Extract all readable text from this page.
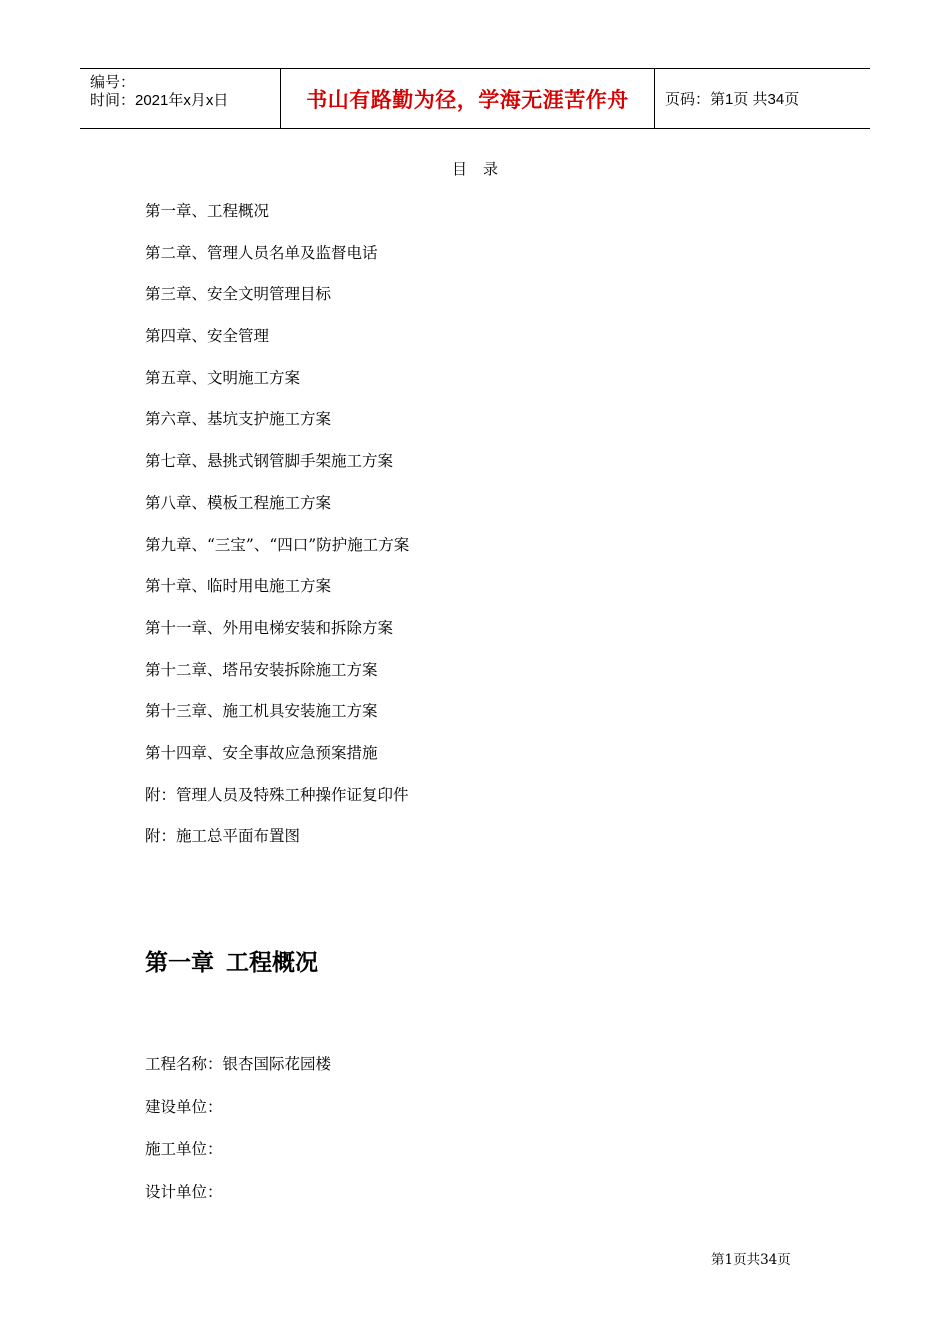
编号：
时间：2021年x月x日	书山有路勤为径，学海无涯苦作舟 页码：第1页 共34页
目录
第一章、工程概况
第二章、管理人员名单及监督电话
第三章、安全文明管理目标
第四章、安全管理
第五章、文明施工方案
第六章、基坑支护施工方案
第七章、悬挑式钢管脚手架施工方案
第八章、模板工程施工方案
第九章、“三宝”、“四口”防护施工方案
第十章、临时用电施工方案
第十一章、外用电梯安装和拆除方案
第十二章、塔吊安装拆除施工方案
第十三章、施工机具安装施工方案
第十四章、安全事故应急预案措施
附：管理人员及特殊工种操作证复印件
附：施工总平面布置图
第一章 工程概况
工程名称：银杏国际花园楼
建设单位：
施工单位：
设计单位：
第1页共34页
